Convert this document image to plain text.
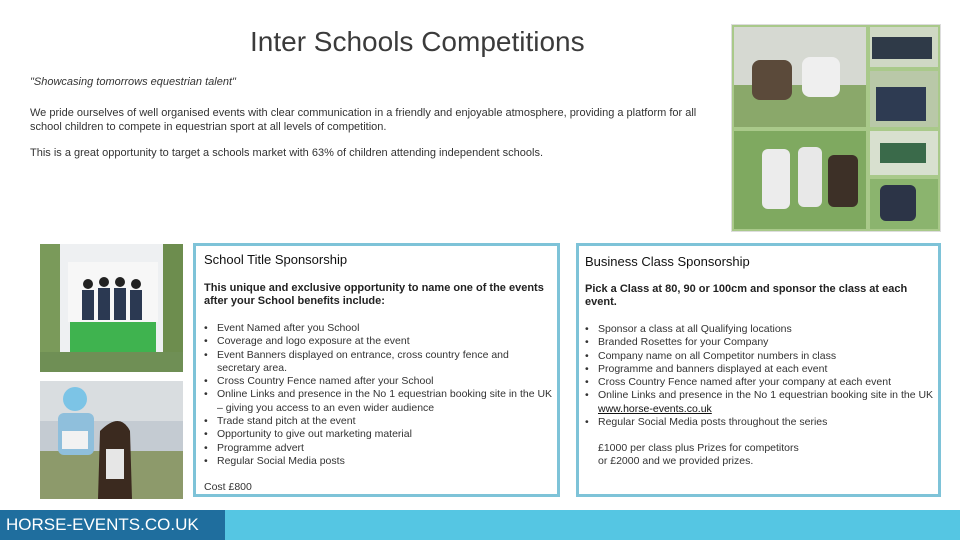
Inter Schools Competitions
"Showcasing tomorrows equestrian talent"

We pride ourselves of well organised events with clear communication in a friendly and enjoyable atmosphere, providing a platform for all school children to compete in equestrian sport at all levels of competition.

This is a great opportunity to target a schools market with 63% of children attending independent schools.

School Title Sponsorship

This unique and exclusive opportunity to name one of the events after your School benefits include:

• Event Named after you School
• Coverage and logo exposure at the event
• Event Banners displayed on entrance, cross country fence and secretary area.
• Cross Country Fence named after your School
• Online Links and presence in the No 1 equestrian booking site in the UK – giving you access to an even wider audience
• Trade stand pitch at the event
• Opportunity to give out marketing material
• Programme advert
• Regular Social Media posts

Cost £800

Business Class Sponsorship

Pick a Class at 80, 90 or 100cm and sponsor the class at each event.

• Sponsor a class at all Qualifying locations
• Branded Rosettes for your Company
• Company name on all Competitor numbers in class
• Programme and banners displayed at each event
• Cross Country Fence named after your company at each event
• Online Links and presence in the No 1 equestrian booking site in the UK www.horse-events.co.uk
• Regular Social Media posts throughout the series

£1000 per class plus Prizes for competitors

or £2000 and we provided prizes.

HORSE-EVENTS.CO.UK
